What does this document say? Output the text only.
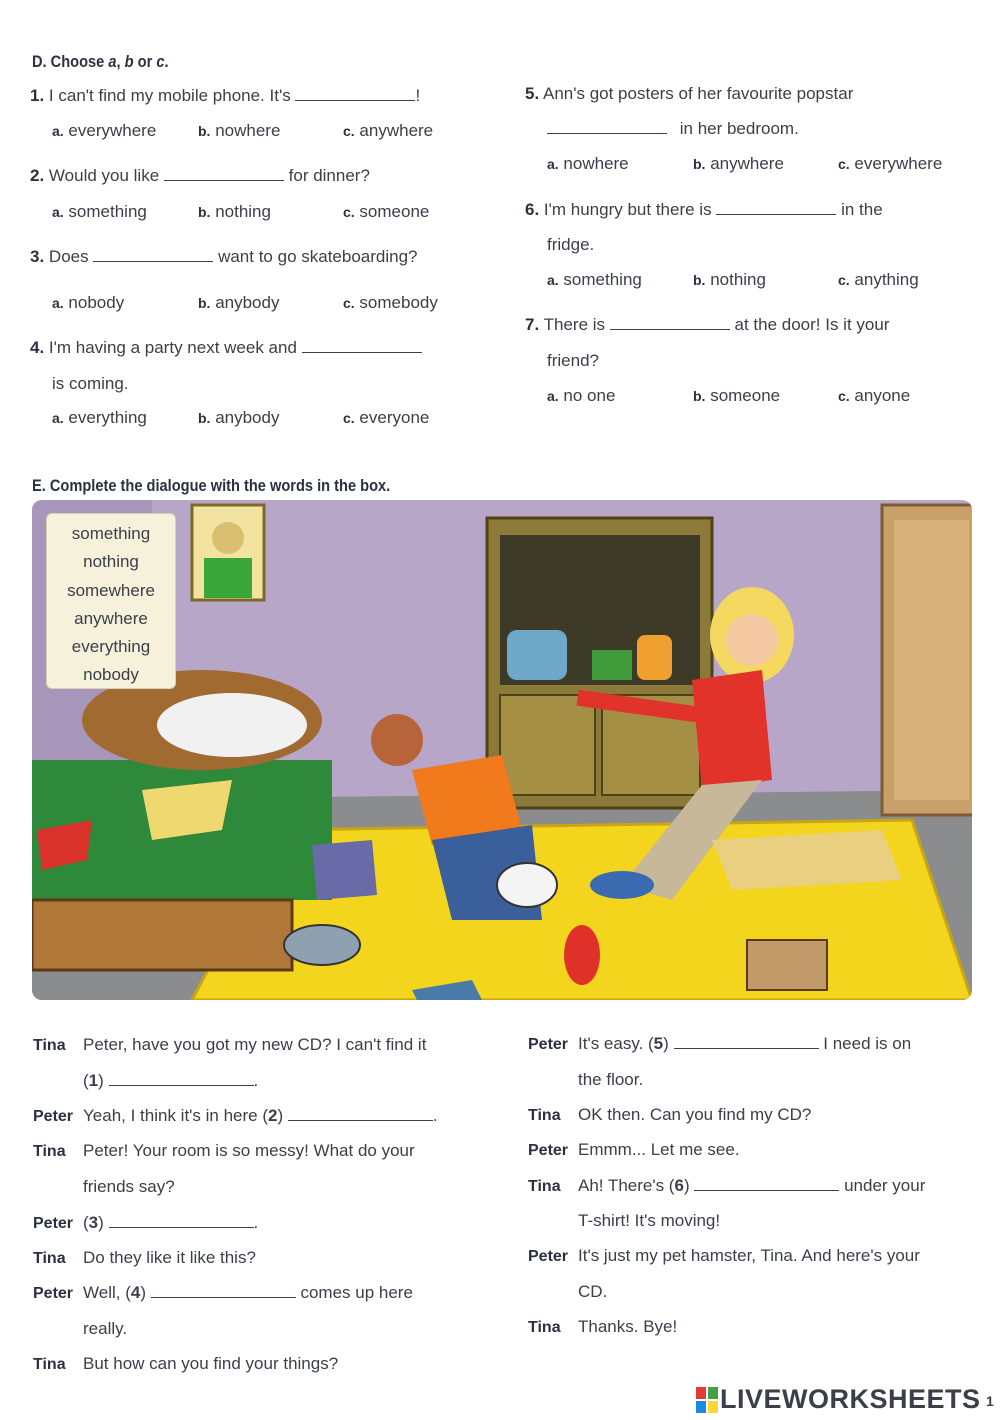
D. Choose a, b or c.
1. I can't find my mobile phone. It's	!
a. everywhere	b. nowhere	c. anywhere
2. Would you like	for dinner?
a. something	b. nothing	c. someone
3. Does	want to go skateboarding?
a. nobody	b. anybody	c. somebody
4. I'm having a party next week and
is coming.
a. everything	b. anybody	c. everyone
5. Ann's got posters of her favourite popstar
in her bedroom.
a. nowhere	b. anywhere	c. everywhere
6. I'm hungry but there is	in the
fridge.
a. something	b. nothing	c. anything
7. There is	at the door! Is it your
friend?
a. no one	b. someone	c. anyone
E. Complete the dialogue with the words in the box.
something
nothing
somewhere
anywhere
everything
nobody
Tina Peter, have you got my new CD? I can't find it
(1)	.
Peter Yeah, I think it's in here (2)	.
Tina Peter! Your room is so messy! What do your
friends say?
Peter (3)	.
Tina Do they like it like this?
Peter Well, (4)	comes up here
really.
Tina But how can you find your things?
Peter It's easy. (5)	I need is on
the floor.
Tina OK then. Can you find my CD?
Peter Emmm... Let me see.
Tina Ah! There's (6)	under your
T-shirt! It's moving!
Peter It's just my pet hamster, Tina. And here's your
CD.
Tina Thanks. Bye!
LIVEWORKSHEETS 1
